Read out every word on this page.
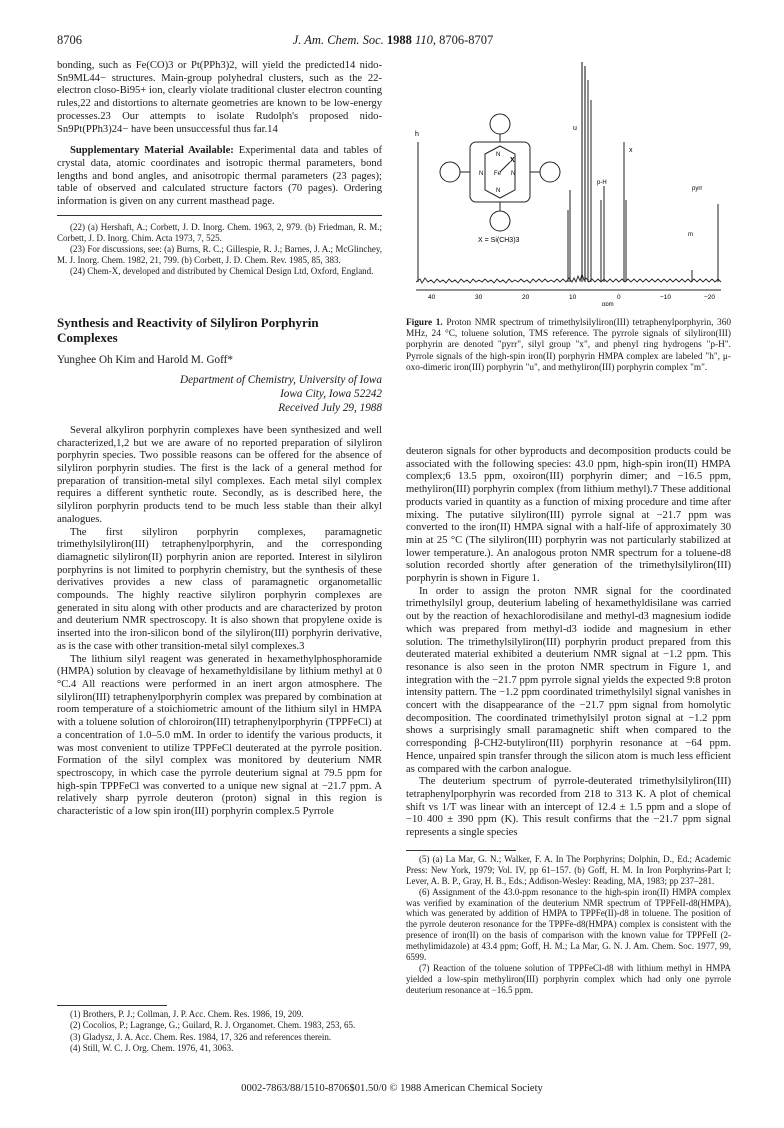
8706	J. Am. Chem. Soc. 1988 110, 8706-8707

bonding, such as Fe(CO)3 or Pt(PPh3)2, will yield the predicted14 nido-Sn9ML44− structures. Main-group polyhedral clusters, such as the 22-electron closo-Bi95+ ion, clearly violate traditional cluster electron counting rules,22 and distortions to alternate geometries are known to be low-energy processes.23 Our attempts to isolate Rudolph's proposed nido-Sn9Pt(PPh3)24− have been unsuccessful thus far.14

Supplementary Material Available: Experimental data and tables of crystal data, atomic coordinates and isotropic thermal parameters, bond lengths and bond angles, and anisotropic thermal parameters (23 pages); table of observed and calculated structure factors (70 pages). Ordering information is given on any current masthead page.

(22) (a) Hershaft, A.; Corbett, J. D. Inorg. Chem. 1963, 2, 979. (b) Friedman, R. M.; Corbett, J. D. Inorg. Chim. Acta 1973, 7, 525.

(23) For discussions, see: (a) Burns, R. C.; Gillespie, R. J.; Barnes, J. A.; McGlinchey, M. J. Inorg. Chem. 1982, 21, 799. (b) Corbett, J. D. Chem. Rev. 1985, 85, 383.

(24) Chem-X, developed and distributed by Chemical Design Ltd, Oxford, England.

Synthesis and Reactivity of Silyliron Porphyrin Complexes
Yunghee Oh Kim and Harold M. Goff*
Department of Chemistry, University of Iowa
Iowa City, Iowa 52242
Received July 29, 1988

Several alkyliron porphyrin complexes have been synthesized and well characterized,1,2 but we are aware of no reported preparation of silyliron porphyrin species. Two possible reasons can be offered for the absence of silyliron porphyrin studies. The first is the lack of a general method for preparation of transition-metal silyl complexes. Each metal silyl complex requires a different synthetic route. Secondly, as is described here, the silyliron porphyrin products tend to be much less stable than their alkyl analogues.

The first silyliron porphyrin complexes, paramagnetic trimethylsilyliron(III) tetraphenylporphyrin, and the corresponding diamagnetic silyliron(II) porphyrin anion are reported. Interest in silyliron porphyrins is not limited to porphyrin chemistry, but the synthesis of these derivatives provides a new class of paramagnetic organometallic compounds. The highly reactive silyliron porphyrin complexes are generated in situ along with other products and are characterized by proton and deuterium NMR spectroscopy. It is also shown that propylene oxide is inserted into the iron-silicon bond of the silyliron(III) porphyrin derivative, as is the case with other transition-metal silyl complexes.3

The lithium silyl reagent was generated in hexamethylphosphoramide (HMPA) solution by cleavage of hexamethyldisilane by lithium methyl at 0 °C.4 All reactions were performed in an inert argon atmosphere. The silyliron(III) tetraphenylporphyrin complex was prepared by combination at room temperature of a stoichiometric amount of the lithium silyl in HMPA with a toluene solution of chloroiron(III) tetraphenylporphyrin (TPPFeCl) at a concentration of 1.0–5.0 mM. In order to identify the various products, it was most convenient to utilize TPPFeCl deuterated at the pyrrole position. Formation of the silyl complex was monitored by deuterium NMR spectroscopy, in which case the pyrrole deuterium signal at 79.5 ppm for high-spin TPPFeCl was converted to a unique new signal at −21.7 ppm. A relatively sharp pyrrole deuteron (proton) signal in this region is characteristic of a low spin iron(III) porphyrin complex.5 Pyrrole

(1) Brothers, P. J.; Collman, J. P. Acc. Chem. Res. 1986, 19, 209.

(2) Cocolios, P.; Lagrange, G.; Guilard, R. J. Organomet. Chem. 1983, 253, 65.

(3) Gladysz, J. A. Acc. Chem. Res. 1984, 17, 326 and references therein.

(4) Still, W. C. J. Org. Chem. 1976, 41, 3063.

h
u
x
p-H
pyrr
m
Fe
N
N
N	N
X
X = Si(CH3)3
40	30	20	10	0	−10	−20
ppm
Figure 1. Proton NMR spectrum of trimethylsilyliron(III) tetraphenylporphyrin, 360 MHz, 24 °C, toluene solution, TMS reference. The pyrrole signals of silyliron(III) porphyrin are denoted "pyrr", silyl group "x", and phenyl ring hydrogens "p-H". Pyrrole signals of the high-spin iron(II) porphyrin HMPA complex are labeled "h", μ-oxo-dimeric iron(III) porphyrin "u", and methyliron(III) porphyrin complex "m".

deuteron signals for other byproducts and decomposition products could be associated with the following species: 43.0 ppm, high-spin iron(II) HMPA complex;6 13.5 ppm, oxoiron(III) porphyrin dimer; and −16.5 ppm, methyliron(III) porphyrin complex (from lithium methyl).7 These additional products varied in quantity as a function of mixing procedure and time after mixing. The putative silyliron(III) pyrrole signal at −21.7 ppm was converted to the iron(II) HMPA signal with a half-life of approximately 30 min at 25 °C (The silyliron(III) porphyrin was not particularly stabilized at lower temperature.). An analogous proton NMR spectrum for a toluene-d8 solution recorded shortly after generation of the trimethylsilyliron(III) porphyrin is shown in Figure 1.

In order to assign the proton NMR signal for the coordinated trimethylsilyl group, deuterium labeling of hexamethyldisilane was carried out by the reaction of hexachlorodisilane and methyl-d3 magnesium iodide which was prepared from methyl-d3 iodide and magnesium in ether solution. The trimethylsilyliron(III) porphyrin product prepared from this deuterated material exhibited a deuterium NMR signal at −1.2 ppm. This resonance is also seen in the proton NMR spectrum in Figure 1, and integration with the −21.7 ppm pyrrole signal yields the expected 9:8 proton intensity pattern. The −1.2 ppm coordinated trimethylsilyl signal vanishes in concert with the disappearance of the −21.7 ppm signal from homolytic decomposition. The coordinated trimethylsilyl proton signal at −1.2 ppm shows a surprisingly small paramagnetic shift when compared to the corresponding β-CH2-butyliron(III) porphyrin resonance at −64 ppm. Hence, unpaired spin transfer through the silicon atom is much less efficient as compared with the carbon analogue.

The deuterium spectrum of pyrrole-deuterated trimethylsilyliron(III) tetraphenylporphyrin was recorded from 218 to 313 K. A plot of chemical shift vs 1/T was linear with an intercept of 12.4 ± 1.5 ppm and a slope of −10 400 ± 390 ppm (K). This result confirms that the −21.7 ppm signal represents a single species

(5) (a) La Mar, G. N.; Walker, F. A. In The Porphyrins; Dolphin, D., Ed.; Academic Press: New York, 1979; Vol. IV, pp 61–157. (b) Goff, H. M. In Iron Porphyrins-Part I; Lever, A. B. P., Gray, H. B., Eds.; Addison-Wesley: Reading, MA, 1983; pp 237–281.

(6) Assignment of the 43.0-ppm resonance to the high-spin iron(II) HMPA complex was verified by examination of the deuterium NMR spectrum of TPPFeII-d8(HMPA), which was generated by addition of HMPA to TPPFe(II)-d8 in toluene. The position of the pyrrole deuteron resonance for the TPPFe-d8(HMPA) complex is consistent with the presence of iron(II) on the basis of comparison with the known value for TPPFeII (2-methylimidazole) at 43.4 ppm; Goff, H. M.; La Mar, G. N. J. Am. Chem. Soc. 1977, 99, 6599.

(7) Reaction of the toluene solution of TPPFeCl-d8 with lithium methyl in HMPA yielded a low-spin methyliron(III) porphyrin complex which had only one pyrrole deuterium resonance at −16.5 ppm.

0002-7863/88/1510-8706$01.50/0 © 1988 American Chemical Society
